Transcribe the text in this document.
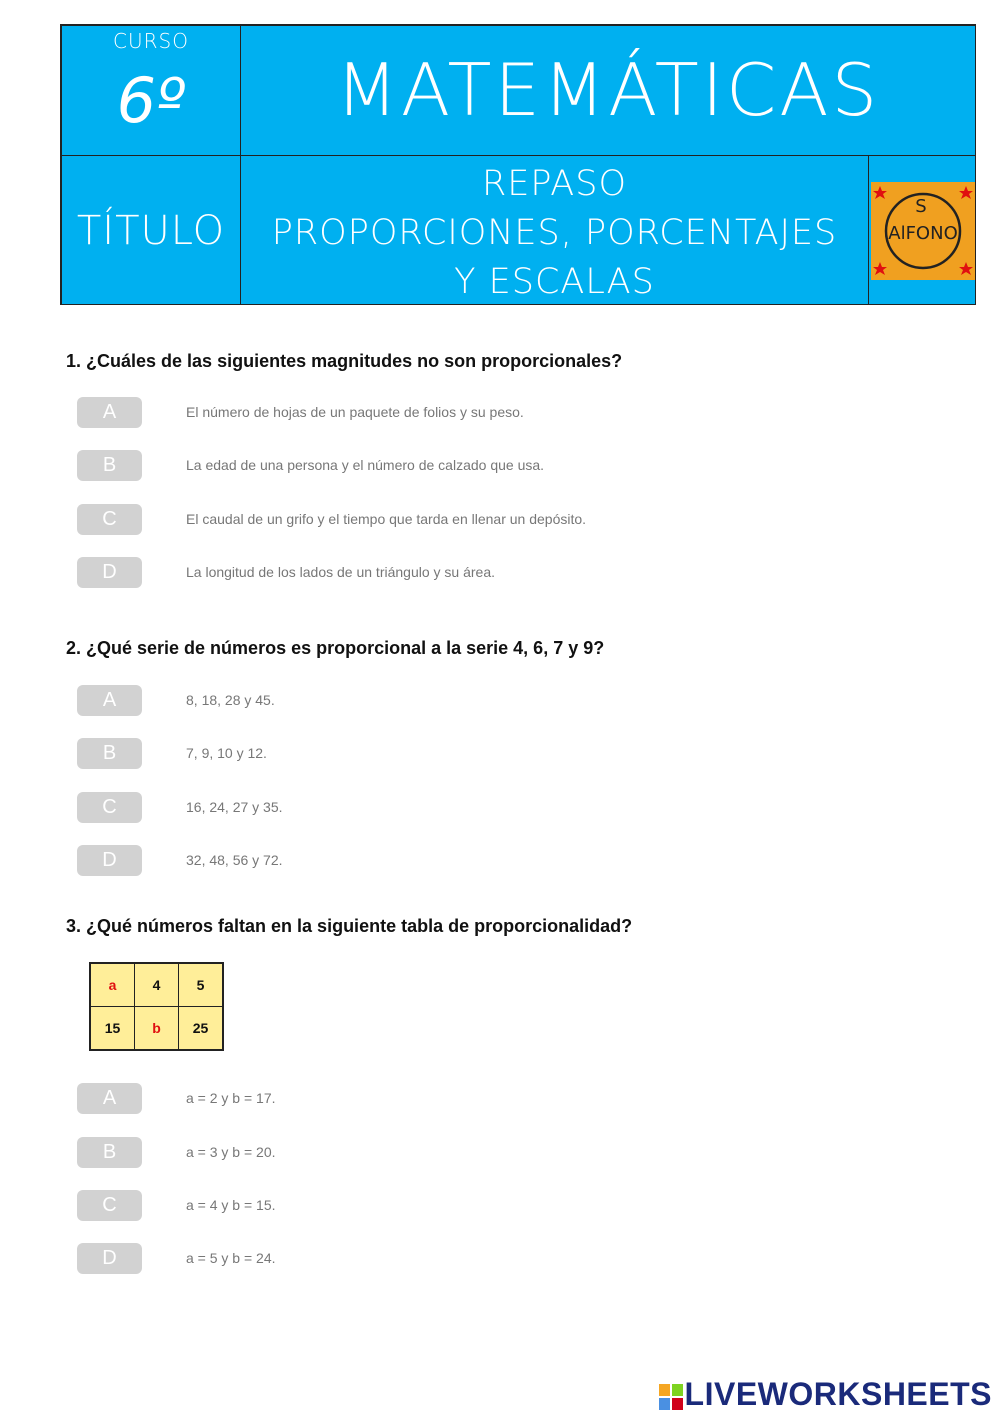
CURSO
6º	MATEMÁTICAS
TÍTULO
REPASO
PROPORCIONES, PORCENTAJES
Y ESCALAS
S
AlFONO
1. ¿Cuáles de las siguientes magnitudes no son proporcionales?
A	El número de hojas de un paquete de folios y su peso.
B	La edad de una persona y el número de calzado que usa.
C	El caudal de un grifo y el tiempo que tarda en llenar un depósito.
D	La longitud de los lados de un triángulo y su área.
2. ¿Qué serie de números es proporcional a la serie 4, 6, 7 y 9?
A	8, 18, 28 y 45.
B	7, 9, 10 y 12.
C	16, 24, 27 y 35.
D	32, 48, 56 y 72.
3. ¿Qué números faltan en la siguiente tabla de proporcionalidad?
a	4	5
15	b	25
A	a = 2 y b = 17.
B	a = 3 y b = 20.
C	a = 4 y b = 15.
D	a = 5 y b = 24.
LIVEWORKSHEETS
